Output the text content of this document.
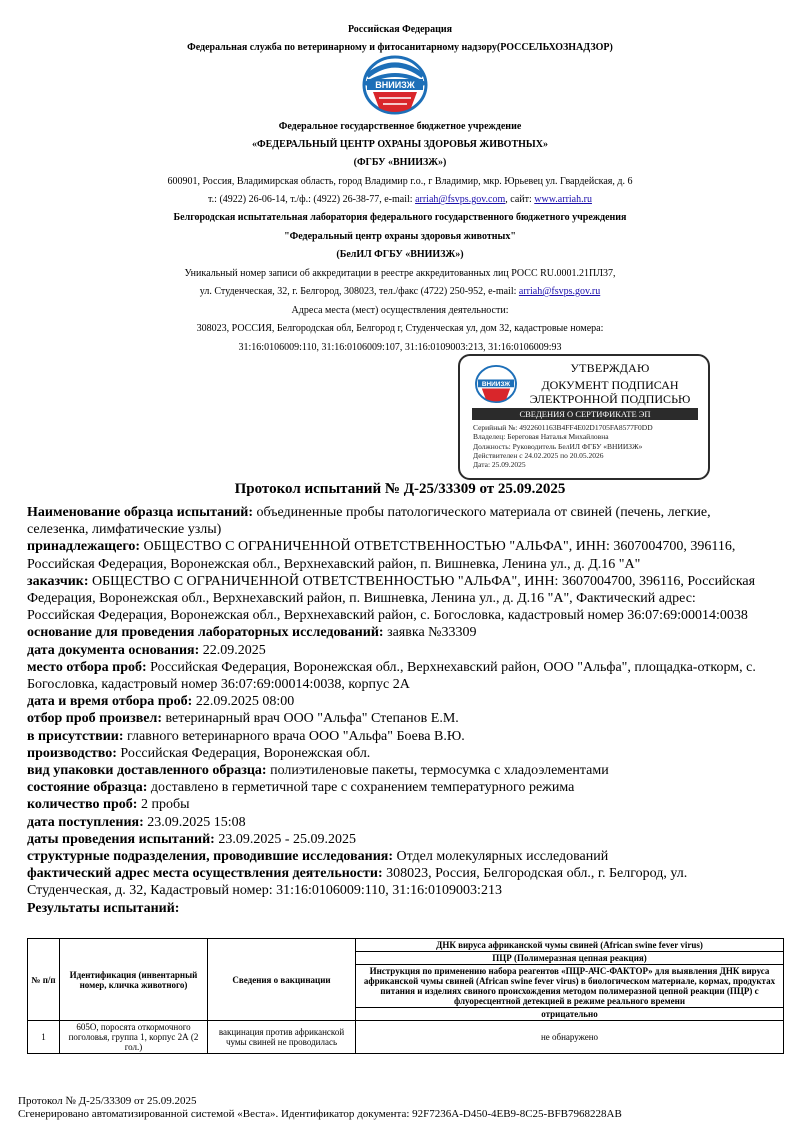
Российская Федерация
Федеральная служба по ветеринарному и фитосанитарному надзору(РОССЕЛЬХОЗНАДЗОР)
ВНИИЗЖ
Федеральное государственное бюджетное учреждение
«ФЕДЕРАЛЬНЫЙ ЦЕНТР ОХРАНЫ ЗДОРОВЬЯ ЖИВОТНЫХ»
(ФГБУ «ВНИИЗЖ»)
600901, Россия, Владимирская область, город Владимир г.о., г Владимир, мкр. Юрьевец ул. Гвардейская, д. 6
т.: (4922) 26-06-14, т./ф.: (4922) 26-38-77, e-mail: arriah@fsvps.gov.com, сайт: www.arriah.ru
Белгородская испытательная лаборатория федерального государственного бюджетного учреждения
"Федеральный центр охраны здоровья животных"
(БелИЛ ФГБУ «ВНИИЗЖ»)
Уникальный номер записи об аккредитации в реестре аккредитованных лиц РОСС RU.0001.21ПЛ37,
ул. Студенческая, 32, г. Белгород, 308023, тел./факс (4722) 250-952, e-mail: arriah@fsvps.gov.ru
Адреса места (мест) осуществления деятельности:
308023, РОССИЯ, Белгородская обл, Белгород г, Студенческая ул, дом 32, кадастровые номера:
31:16:0106009:110, 31:16:0106009:107, 31:16:0109003:213, 31:16:0106009:93
ВНИИЗЖ
УТВЕРЖДАЮ
ДОКУМЕНТ ПОДПИСАН
ЭЛЕКТРОННОЙ ПОДПИСЬЮ
СВЕДЕНИЯ О СЕРТИФИКАТЕ ЭП
Серийный №: 4922601163B4FF4E02D1705FA8577F0DD
Владелец: Береговая Наталья Михайловна
Должность: Руководитель БелИЛ ФГБУ «ВНИИЗЖ»
Действителен с 24.02.2025 по 20.05.2026
Дата: 25.09.2025
Протокол испытаний № Д-25/33309 от 25.09.2025

Наименование образца испытаний: объединенные пробы патологического материала от свиней (печень, легкие, селезенка, лимфатические узлы)

принадлежащего: ОБЩЕСТВО С ОГРАНИЧЕННОЙ ОТВЕТСТВЕННОСТЬЮ "АЛЬФА", ИНН: 3607004700, 396116, Российская Федерация, Воронежская обл., Верхнехавский район, п. Вишневка, Ленина ул., д. Д.16 "А"

заказчик: ОБЩЕСТВО С ОГРАНИЧЕННОЙ ОТВЕТСТВЕННОСТЬЮ "АЛЬФА", ИНН: 3607004700, 396116, Российская Федерация, Воронежская обл., Верхнехавский район, п. Вишневка, Ленина ул., д. Д.16 "А", Фактический адрес: Российская Федерация, Воронежская обл., Верхнехавский район, с. Богословка, кадастровый номер 36:07:69:00014:0038

основание для проведения лабораторных исследований: заявка №33309

дата документа основания: 22.09.2025

место отбора проб: Российская Федерация, Воронежская обл., Верхнехавский район, ООО "Альфа", площадка-откорм, с. Богословка, кадастровый номер 36:07:69:00014:0038, корпус 2А

дата и время отбора проб: 22.09.2025 08:00

отбор проб произвел: ветеринарный врач ООО "Альфа" Степанов Е.М.

в присутствии: главного ветеринарного врача ООО "Альфа" Боева В.Ю.

производство: Российская Федерация, Воронежская обл.

вид упаковки доставленного образца: полиэтиленовые пакеты, термосумка с хладоэлементами

состояние образца: доставлено в герметичной таре с сохранением температурного режима

количество проб: 2 пробы

дата поступления: 23.09.2025 15:08

даты проведения испытаний: 23.09.2025 - 25.09.2025

структурные подразделения, проводившие исследования: Отдел молекулярных исследований

фактический адрес места осуществления деятельности: 308023, Россия, Белгородская обл., г. Белгород, ул. Студенческая, д. 32, Кадастровый номер: 31:16:0106009:110, 31:16:0109003:213

Результаты испытаний:

№ п/п	Идентификация (инвентарный номер, кличка животного)	Сведения о вакцинации	ДНК вируса африканской чумы свиней (African swine fever virus)
			ПЦР (Полимеразная цепная реакция)
			Инструкция по применению набора реагентов «ПЦР-АЧС-ФАКТОР» для выявления ДНК вируса африканской чумы свиней (African swine fever virus) в биологическом материале, кормах, продуктах питания и изделиях свиного происхождения методом полимеразной цепной реакции (ПЦР) с флуоресцентной детекцией в режиме реального времени
			отрицательно
1	605О, поросята откормочного поголовья, группа 1, корпус 2А (2 гол.)	вакцинация против африканской чумы свиней не проводилась	не обнаружено
Протокол № Д-25/33309 от 25.09.2025
Сгенерировано автоматизированной системой «Веста». Идентификатор документа: 92F7236A-D450-4EB9-8C25-BFB7968228AB
